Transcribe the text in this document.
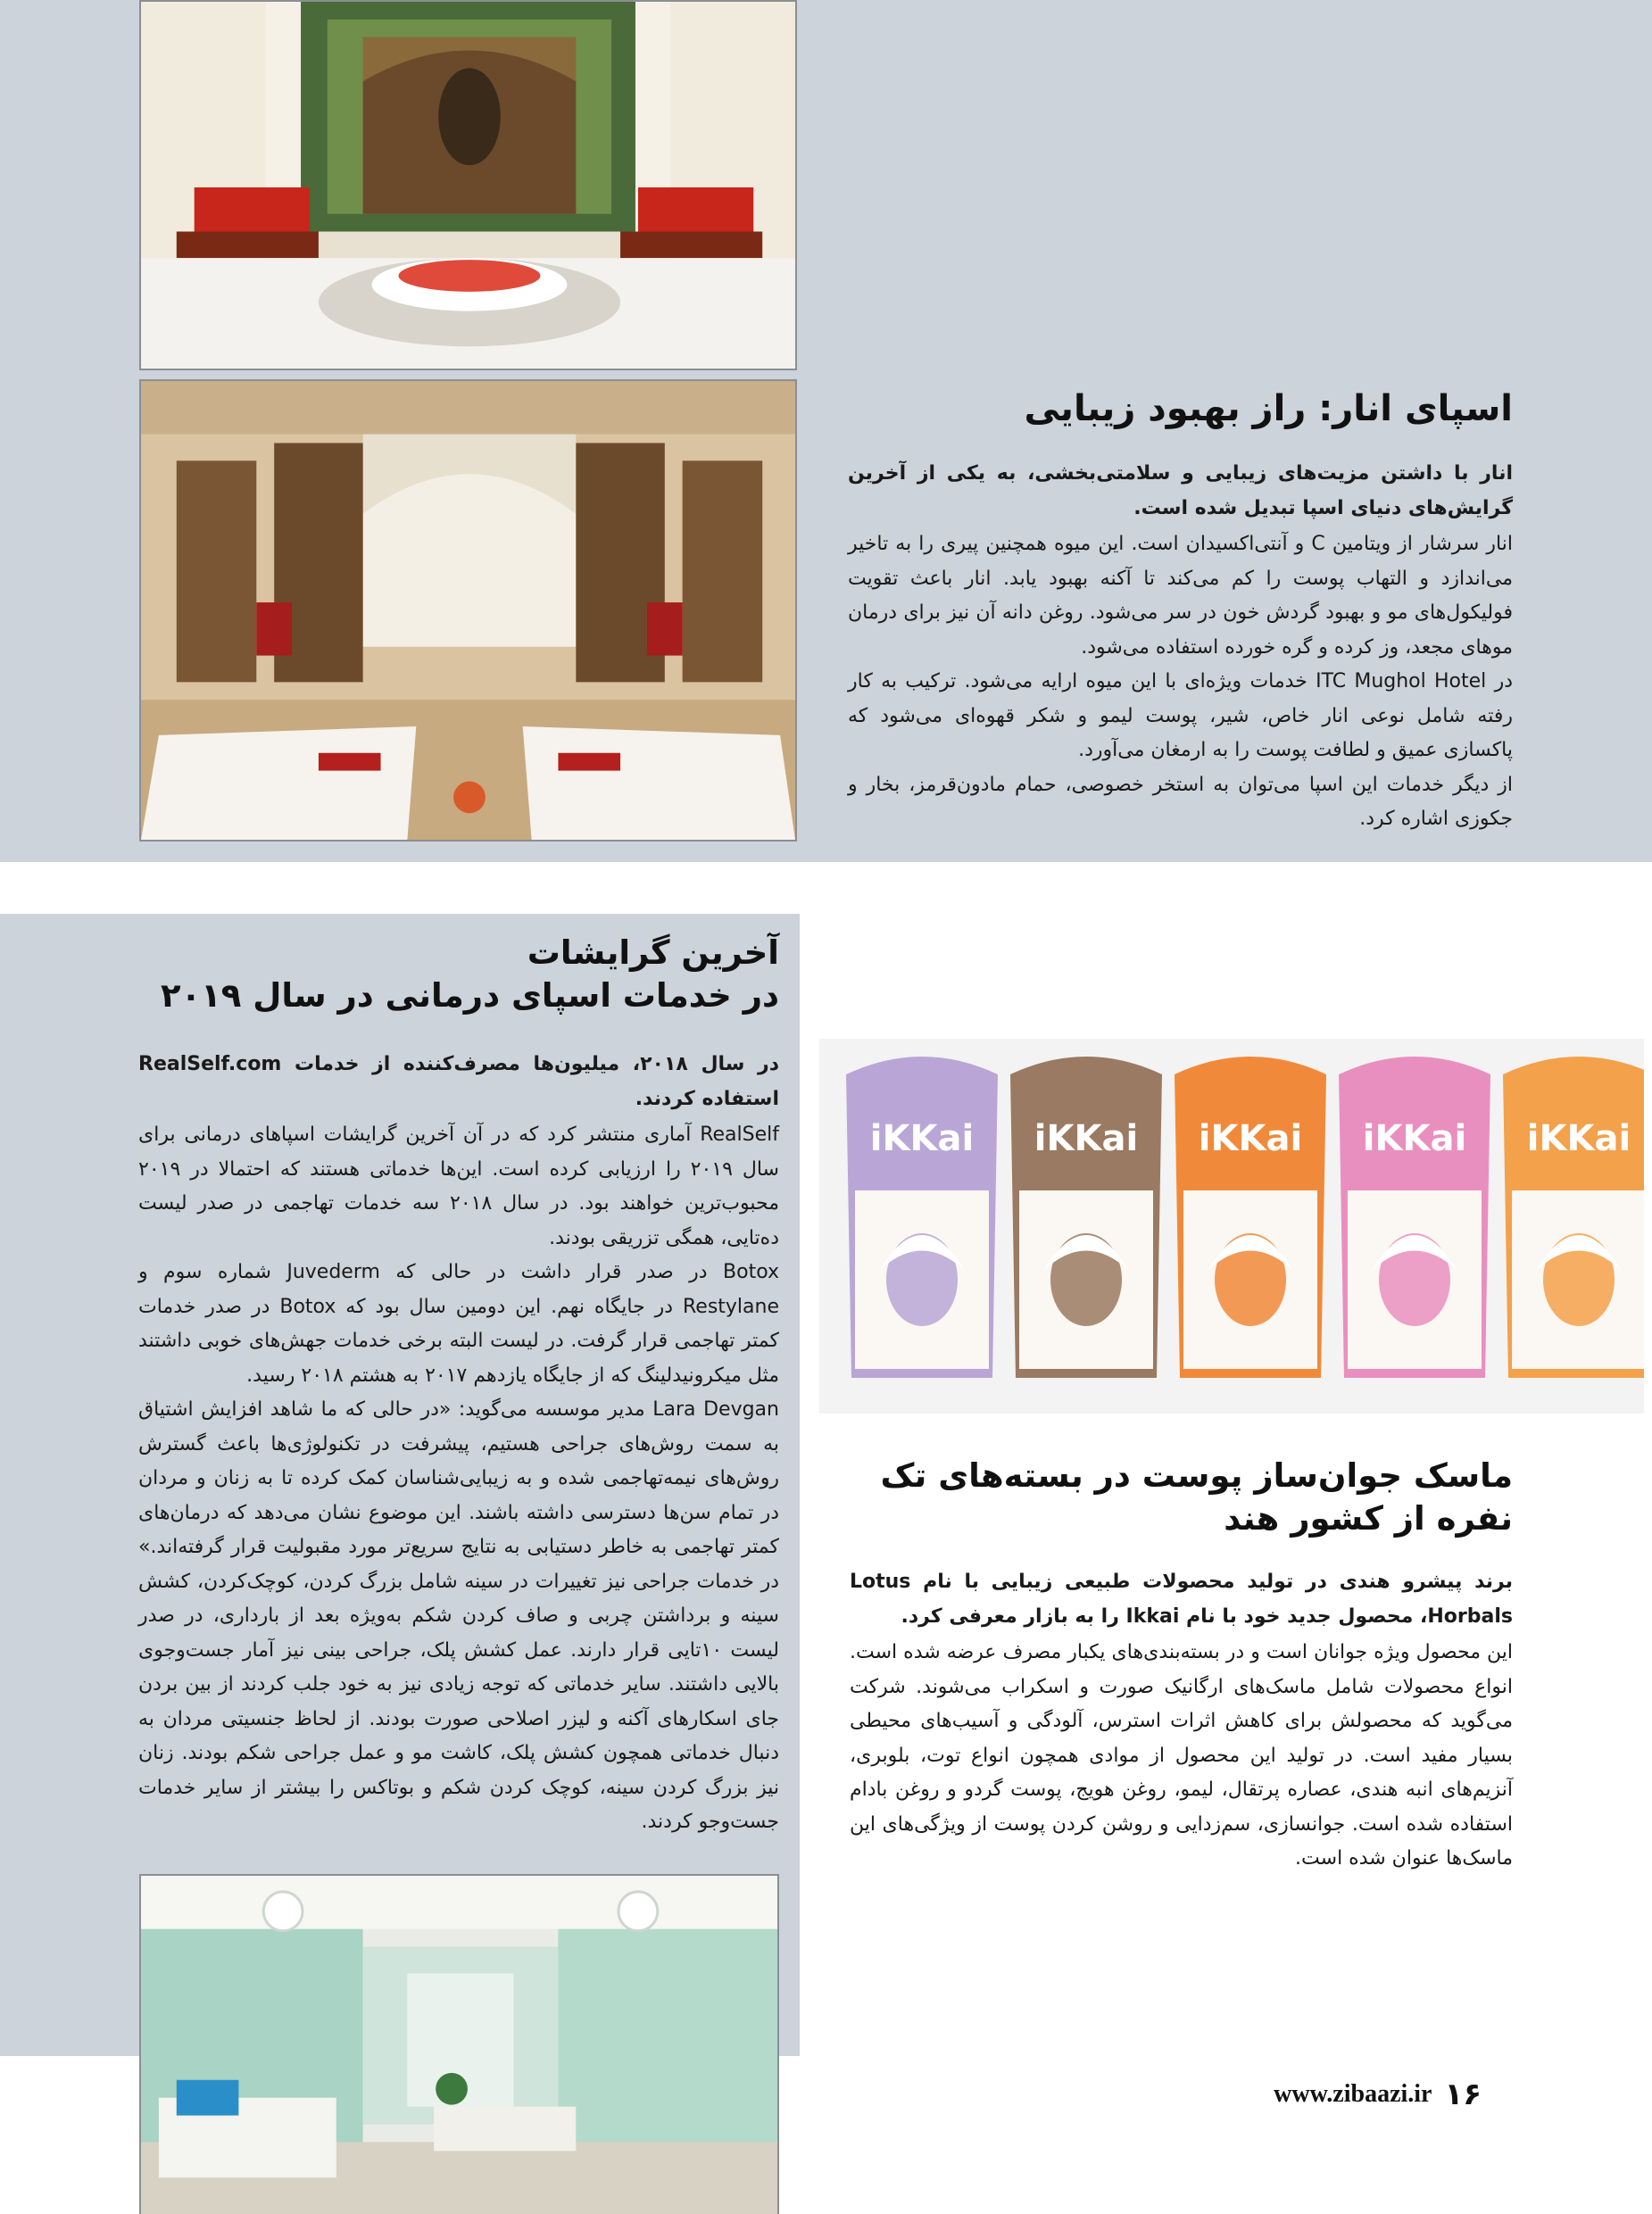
اسپای انار: راز بهبود زیبایی

انار با داشتن مزیت‌های زیبایی و سلامتی‌بخشی، به یکی از آخرین گرایش‌های دنیای اسپا تبدیل شده است.

انار سرشار از ویتامین C و آنتی‌اکسیدان است. این میوه همچنین پیری را به تاخیر می‌اندازد و التهاب پوست را کم می‌کند تا آکنه بهبود یابد. انار باعث تقویت فولیکول‌های مو و بهبود گردش خون در سر می‌شود. روغن دانه آن نیز برای درمان موهای مجعد، وز کرده و گره خورده استفاده می‌شود.

در ITC Mughol Hotel خدمات ویژه‌ای با این میوه ارایه می‌شود. ترکیب به کار رفته شامل نوعی انار خاص، شیر، پوست لیمو و شکر قهوه‌ای می‌شود که پاکسازی عمیق و لطافت پوست را به ارمغان می‌آورد.

از دیگر خدمات این اسپا می‌توان به استخر خصوصی، حمام مادون‌قرمز، بخار و جکوزی اشاره کرد.

آخرین گرایشات
در خدمات اسپای درمانی در سال ۲۰۱۹

در سال ۲۰۱۸، میلیون‌ها مصرف‌کننده از خدمات RealSelf.com استفاده کردند.

RealSelf آماری منتشر کرد که در آن آخرین گرایشات اسپاهای درمانی برای سال ۲۰۱۹ را ارزیابی کرده است. این‌ها خدماتی هستند که احتمالا در ۲۰۱۹ محبوب‌ترین خواهند بود. در سال ۲۰۱۸ سه خدمات تهاجمی در صدر لیست ده‌تایی، همگی تزریقی بودند.

Botox در صدر قرار داشت در حالی که Juvederm شماره سوم و Restylane در جایگاه نهم. این دومین سال بود که Botox در صدر خدمات کمتر تهاجمی قرار گرفت. در لیست البته برخی خدمات جهش‌های خوبی داشتند مثل میکرونیدلینگ که از جایگاه یازدهم ۲۰۱۷ به هشتم ۲۰۱۸ رسید.

Lara Devgan مدیر موسسه می‌گوید: «در حالی که ما شاهد افزایش اشتیاق به سمت روش‌های جراحی هستیم، پیشرفت در تکنولوژی‌ها باعث گسترش روش‌های نیمه‌تهاجمی شده و به زیبایی‌شناسان کمک کرده تا به زنان و مردان در تمام سن‌ها دسترسی داشته باشند. این موضوع نشان می‌دهد که درمان‌های کمتر تهاجمی به خاطر دستیابی به نتایج سریع‌تر مورد مقبولیت قرار گرفته‌اند.» در خدمات جراحی نیز تغییرات در سینه شامل بزرگ کردن، کوچک‌کردن، کشش سینه و برداشتن چربی و صاف کردن شکم به‌ویژه بعد از بارداری، در صدر لیست ۱۰تایی قرار دارند. عمل کشش پلک، جراحی بینی نیز آمار جست‌وجوی بالایی داشتند. سایر خدماتی که توجه زیادی نیز به خود جلب کردند از بین بردن جای اسکارهای آکنه و لیزر اصلاحی صورت بودند. از لحاظ جنسیتی مردان به دنبال خدماتی همچون کشش پلک، کاشت مو و عمل جراحی شکم بودند. زنان نیز بزرگ کردن سینه، کوچک کردن شکم و بوتاکس را بیشتر از سایر خدمات جست‌وجو کردند.

iKKai iKKai iKKai iKKai iKKai
ماسک جوان‌ساز پوست در بسته‌های تک
نفره از کشور هند

برند پیشرو هندی در تولید محصولات طبیعی زیبایی با نام Lotus Horbals، محصول جدید خود با نام Ikkai را به بازار معرفی کرد.

این محصول ویژه جوانان است و در بسته‌بندی‌های یکبار مصرف عرضه شده است. انواع محصولات شامل ماسک‌های ارگانیک صورت و اسکراب می‌شوند. شرکت می‌گوید که محصولش برای کاهش اثرات استرس، آلودگی و آسیب‌های محیطی بسیار مفید است. در تولید این محصول از موادی همچون انواع توت، بلوبری، آنزیم‌های انبه هندی، عصاره پرتقال، لیمو، روغن هویج، پوست گردو و روغن بادام استفاده شده است. جوانسازی، سم‌زدایی و روشن کردن پوست از ویژگی‌های این ماسک‌ها عنوان شده است.

www.zibaazi.ir ۱۶
